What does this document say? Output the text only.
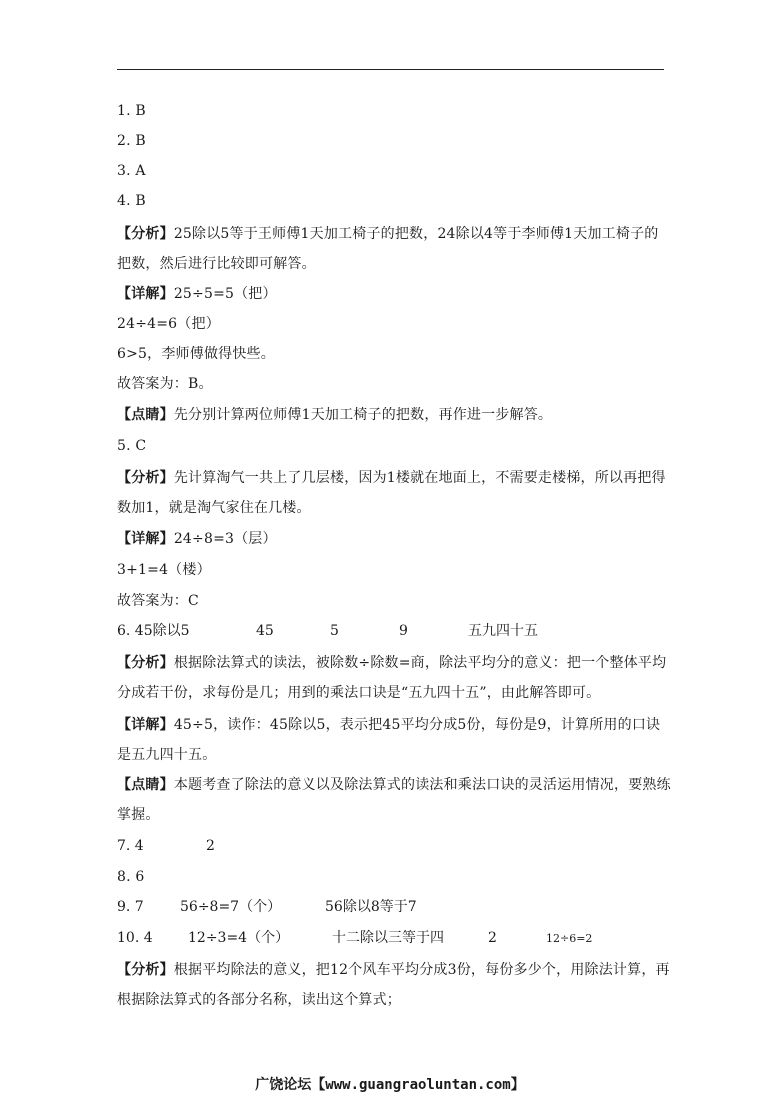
1. B
2. B
3. A
4. B
【分析】25除以5等于王师傅1天加工椅子的把数，24除以4等于李师傅1天加工椅子的
把数，然后进行比较即可解答。
【详解】25÷5=5（把）
24÷4=6（把）
6>5，李师傅做得快些。
故答案为：B。
【点睛】先分别计算两位师傅1天加工椅子的把数，再作进一步解答。
5. C
【分析】先计算淘气一共上了几层楼，因为1楼就在地面上，不需要走楼梯，所以再把得
数加1，就是淘气家住在几楼。
【详解】24÷8=3（层）
3+1=4（楼）
故答案为：C
6. 45除以5	45	5	9	五九四十五
【分析】根据除法算式的读法，被除数÷除数=商，除法平均分的意义：把一个整体平均
分成若干份，求每份是几；用到的乘法口诀是“五九四十五”，由此解答即可。
【详解】45÷5，读作：45除以5，表示把45平均分成5份，每份是9，计算所用的口诀
是五九四十五。
【点睛】本题考查了除法的意义以及除法算式的读法和乘法口诀的灵活运用情况，要熟练
掌握。
7. 4	2
8. 6
9. 7	56÷8=7（个）	56除以8等于7
10. 4	12÷3=4（个）	十二除以三等于四	2	12÷6=2
【分析】根据平均除法的意义，把12个风车平均分成3份，每份多少个，用除法计算，再
根据除法算式的各部分名称，读出这个算式；
广饶论坛【www.guangraoluntan.com】
